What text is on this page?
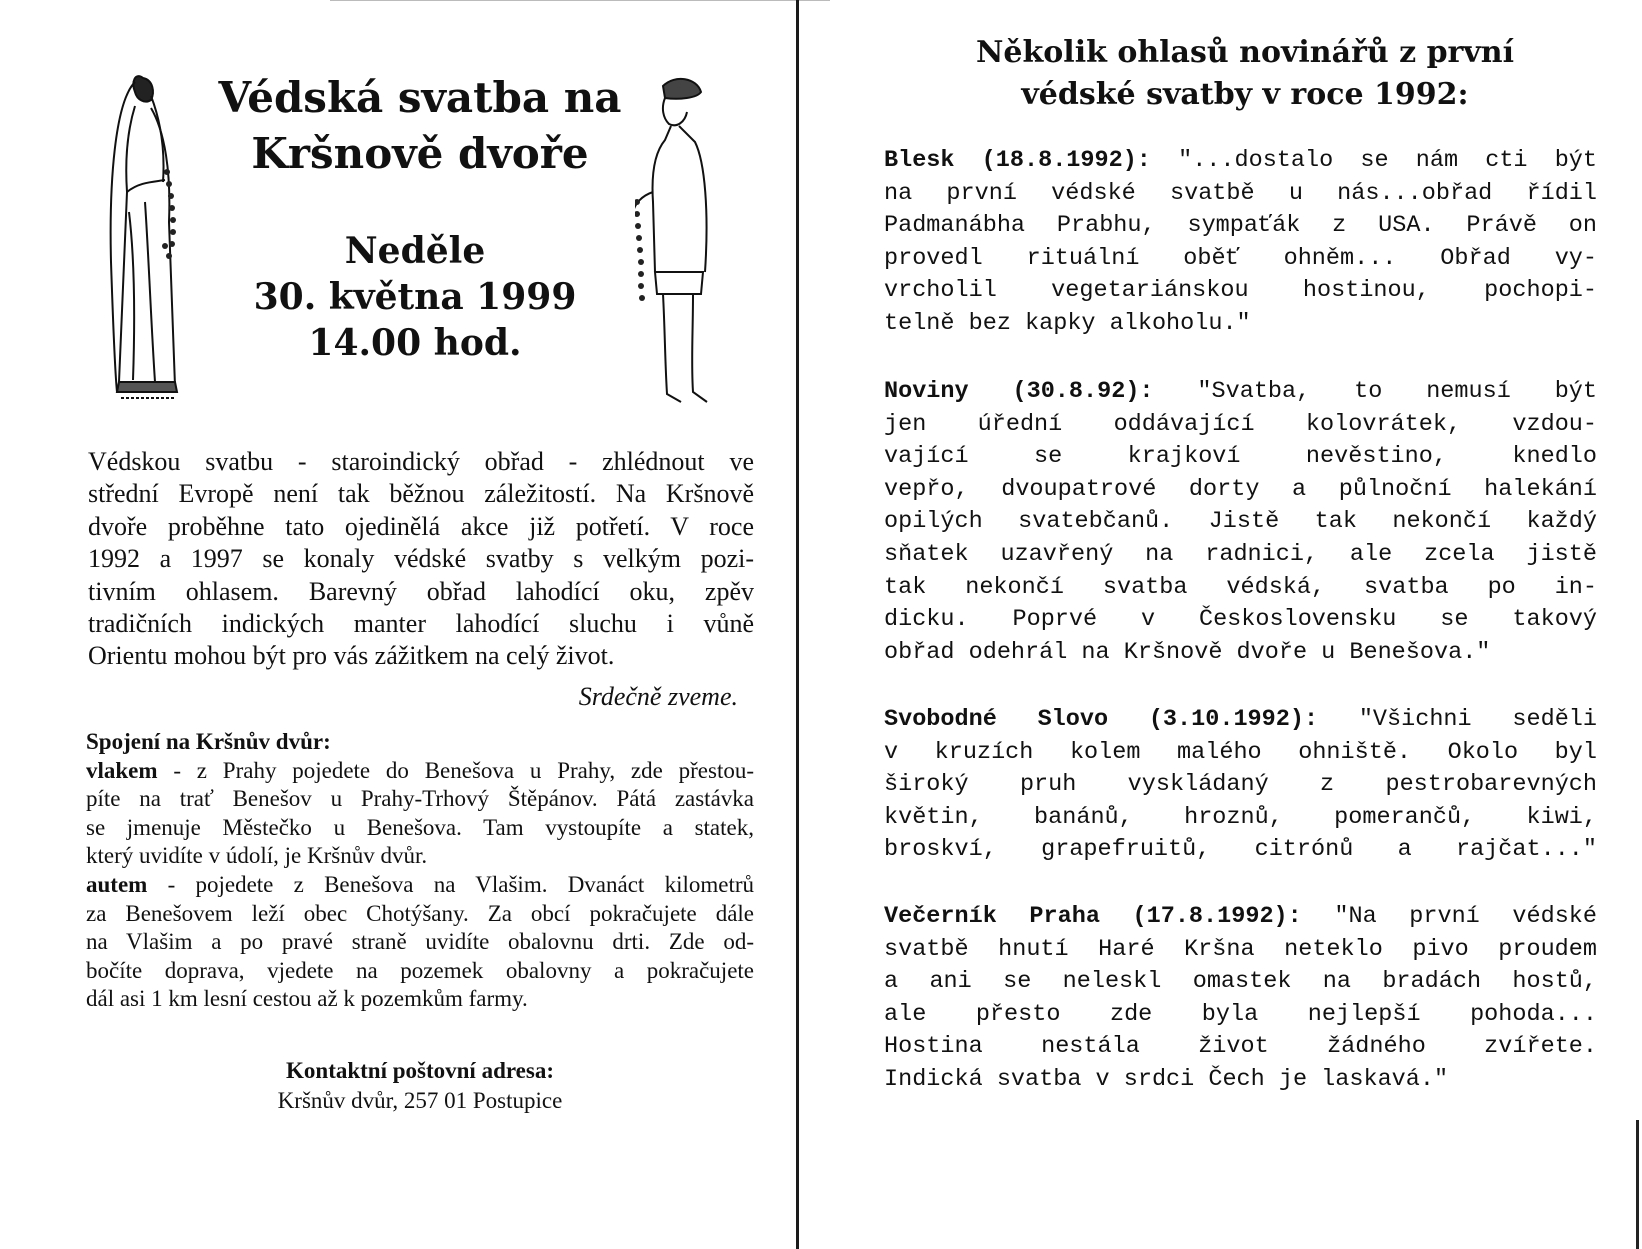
Védská svatba na
Kršnově dvoře
Neděle
30. května 1999
14.00 hod.
Védskou svatbu - staroindický obřad - zhlédnout ve
střední Evropě není tak běžnou záležitostí. Na Kršnově
dvoře proběhne tato ojedinělá akce již potřetí. V roce
1992 a 1997 se konaly védské svatby s velkým pozi-
tivním ohlasem. Barevný obřad lahodící oku, zpěv
tradičních indických manter lahodící sluchu i vůně
Orientu mohou být pro vás zážitkem na celý život.
Srdečně zveme.
Spojení na Kršnův dvůr:
vlakem - z Prahy pojedete do Benešova u Prahy, zde přestou-
píte na trať Benešov u Prahy-Trhový Štěpánov. Pátá zastávka
se jmenuje Městečko u Benešova. Tam vystoupíte a statek,
který uvidíte v údolí, je Kršnův dvůr.
autem - pojedete z Benešova na Vlašim. Dvanáct kilometrů
za Benešovem leží obec Chotýšany. Za obcí pokračujete dále
na Vlašim a po pravé straně uvidíte obalovnu drti. Zde od-
bočíte doprava, vjedete na pozemek obalovny a pokračujete
dál asi 1 km lesní cestou až k pozemkům farmy.
Kontaktní poštovní adresa:
Kršnův dvůr, 257 01 Postupice
Několik ohlasů novinářů z první
védské svatby v roce 1992:
Blesk (18.8.1992): "...dostalo se nám cti být
na první védské svatbě u nás...obřad řídil
Padmanábha Prabhu, sympaťák z USA. Právě on
provedl rituální oběť ohněm... Obřad vy-
vrcholil vegetariánskou hostinou, pochopi-
telně bez kapky alkoholu."
Noviny (30.8.92): "Svatba, to nemusí být
jen úřední oddávající kolovrátek, vzdou-
vající se krajkoví nevěstino, knedlo
vepřo, dvoupatrové dorty a půlnoční halekání
opilých svatebčanů. Jistě tak nekončí každý
sňatek uzavřený na radnici, ale zcela jistě
tak nekončí svatba védská, svatba po in-
dicku. Poprvé v Československu se takový
obřad odehrál na Kršnově dvoře u Benešova."
Svobodné Slovo (3.10.1992): "Všichni seděli
v kruzích kolem malého ohniště. Okolo byl
široký pruh vyskládaný z pestrobarevných
květin, banánů, hroznů, pomerančů, kiwi,
broskví, grapefruitů, citrónů a rajčat..."
Večerník Praha (17.8.1992): "Na první védské
svatbě hnutí Haré Kršna neteklo pivo proudem
a ani se neleskl omastek na bradách hostů,
ale přesto zde byla nejlepší pohoda...
Hostina nestála život žádného zvířete.
Indická svatba v srdci Čech je laskavá."
